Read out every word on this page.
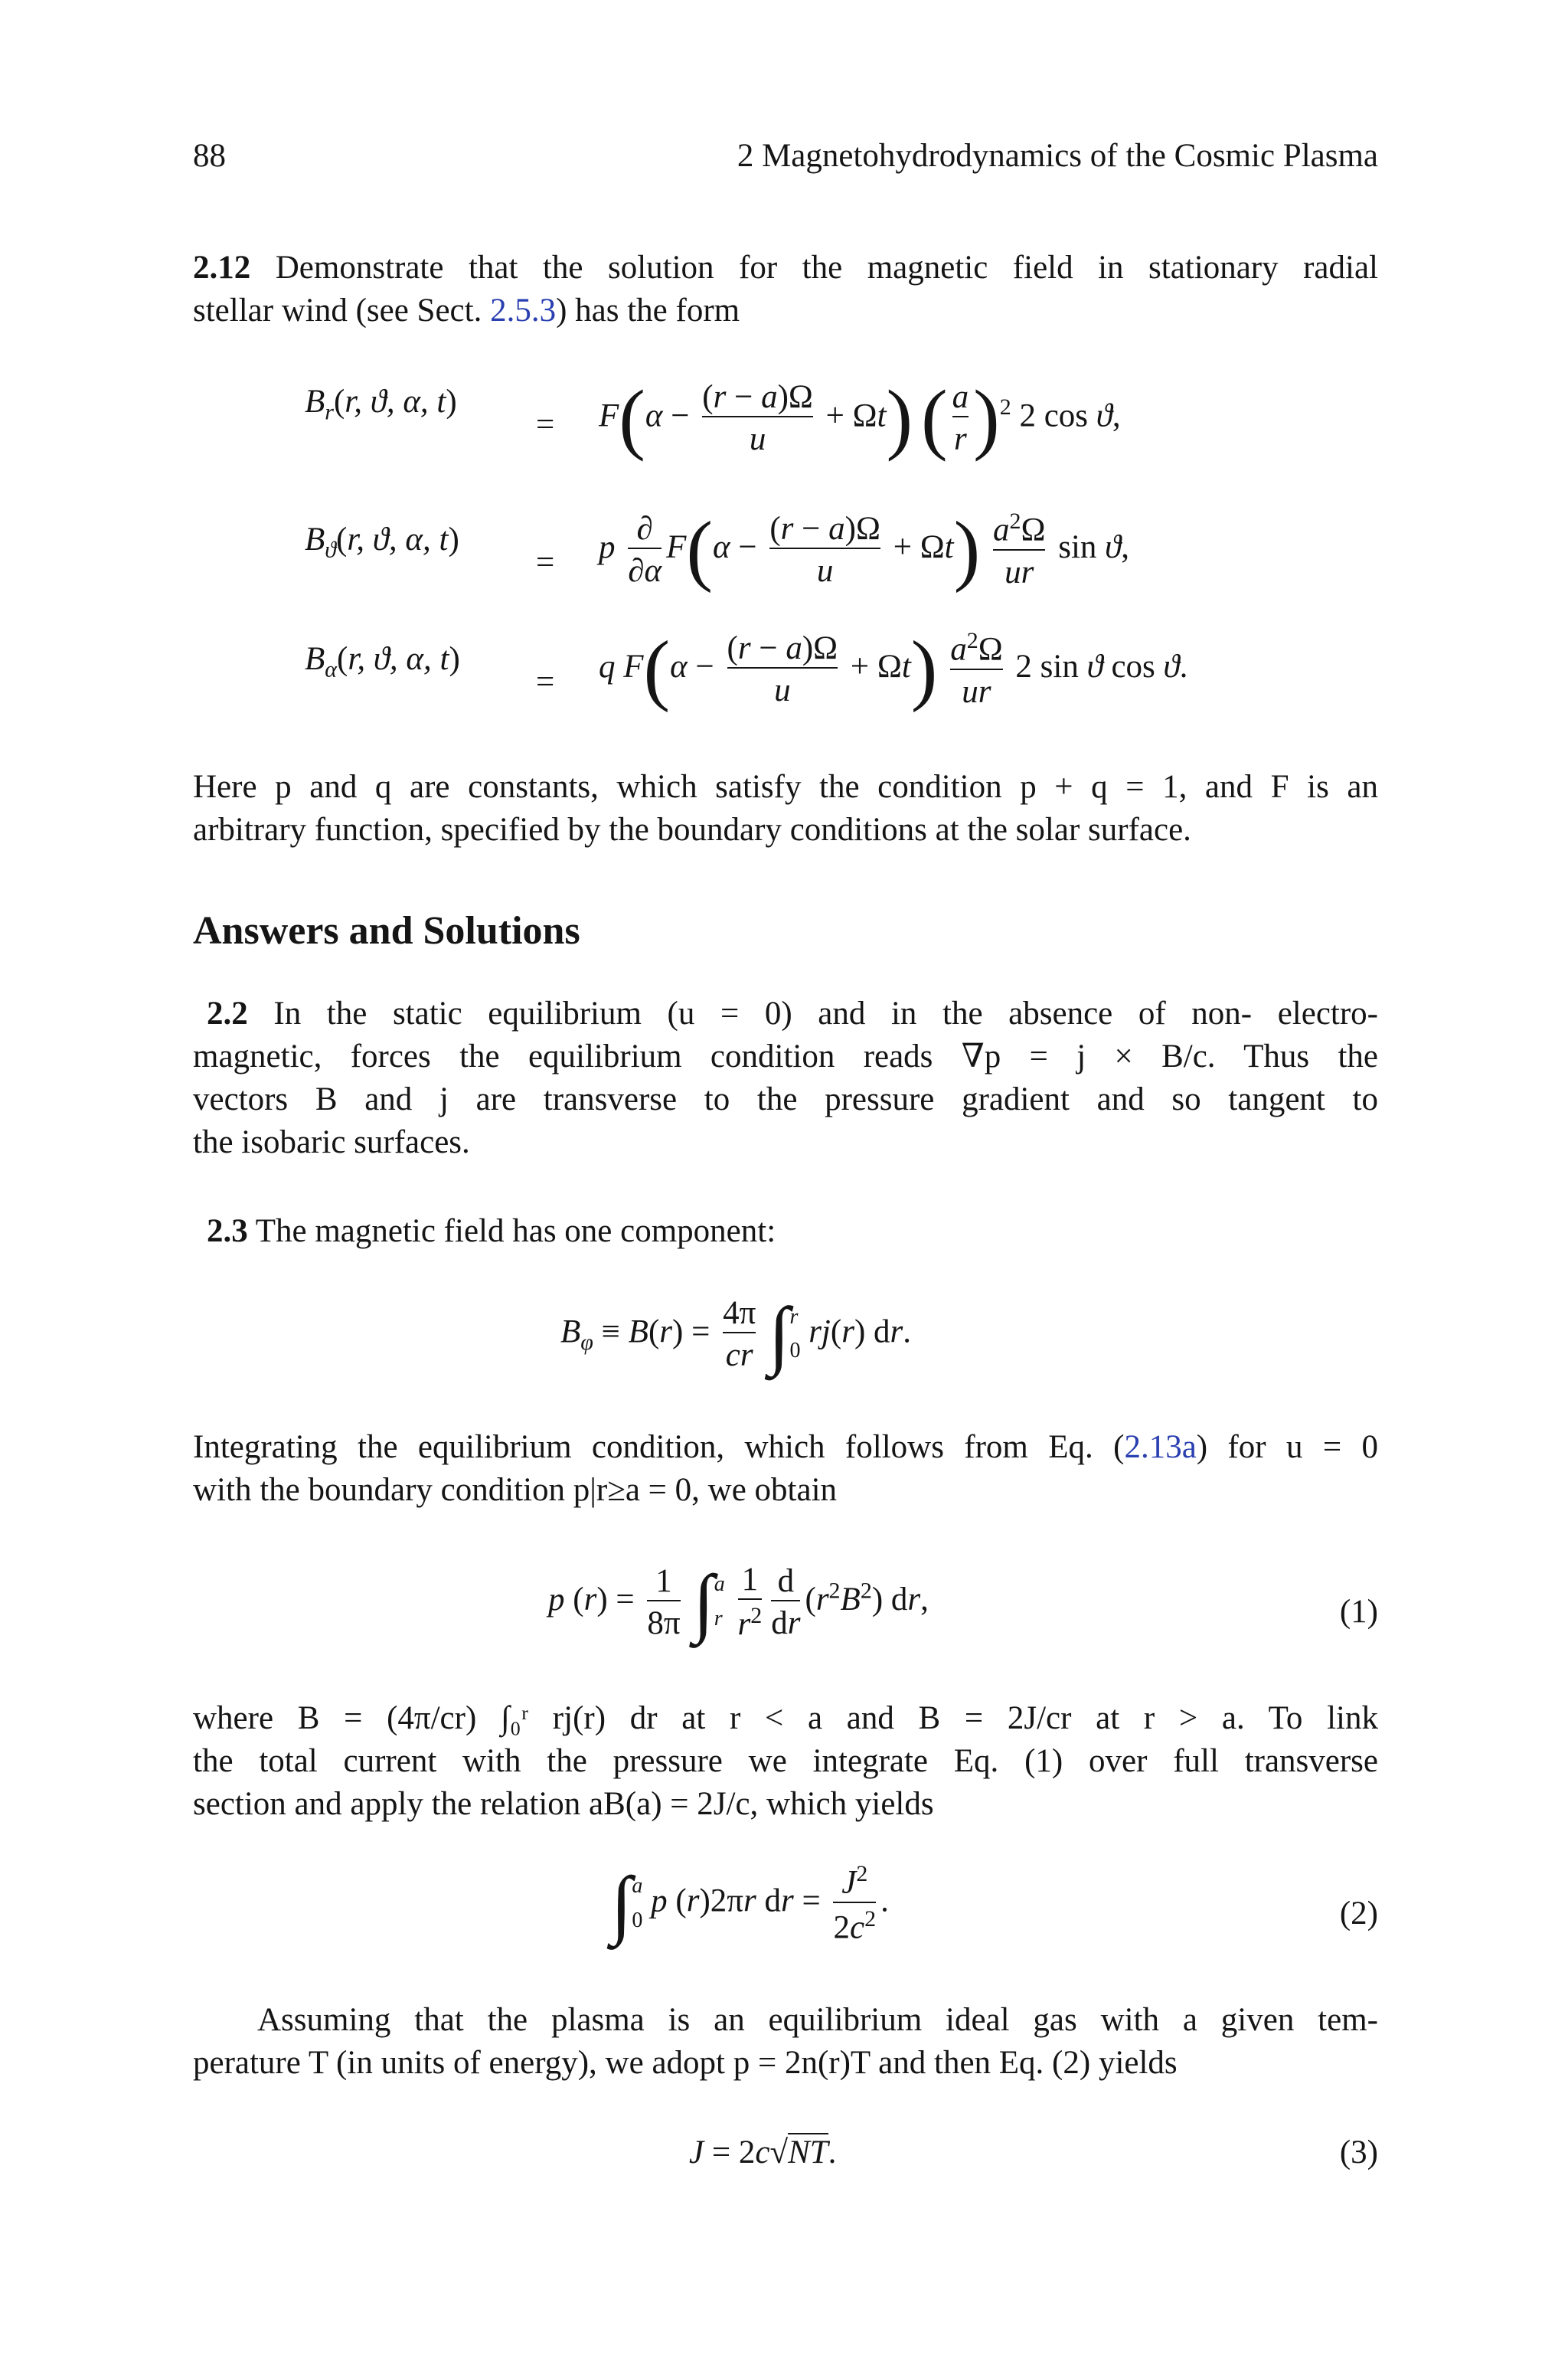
88	2 Magnetohydrodynamics of the Cosmic Plasma
2.12 Demonstrate that the solution for the magnetic field in stationary radial
stellar wind (see Sect. 2.5.3) has the form
$B_r(r$, ϑ, α, t)
= $F(\alpha - \frac{(r - a)\Omega}{u} + \Omega t)$ ( $\frac{a}{r} )^2$ 2 cos ϑ,
$B_ϑ(r$, ϑ, α, t)
= p $\frac{\partial}{\partial\alpha} F(\alpha - \frac{(r - a)\Omega}{u} + \Omega t) \frac{a^2\Omega}{ur}$ sin ϑ,
$B_\alpha(r$, ϑ, α, t)
= q $F(\alpha - \frac{(r - a)\Omega}{u} + \Omega t) \frac{a^2\Omega}{ur} 2$ sin ϑ cos ϑ.
Here p and q are constants, which satisfy the condition p + q = 1, and F is an
arbitrary function, specified by the boundary conditions at the solar surface.
Answers and Solutions
2.2 In the static equilibrium (u = 0) and in the absence of non- electro-
magnetic, forces the equilibrium condition reads ∇p = j × B/c. Thus the
vectors B and j are transverse to the pressure gradient and so tangent to
the isobaric surfaces.
2.3 The magnetic field has one component:
$B_\varphi \equiv B(r) = \frac{4\pi}{cr}$ ∫ r
0
rj(r) dr.
Integrating the equilibrium condition, which follows from Eq. (2.13a) for u = 0
with the boundary condition p|r≥a = 0, we obtain
p $(r) = \frac{1}{8\pi}$ ∫ a
r
$\frac{1}{r^2} \frac{d}{dr} (r^2B^2)$ dr,	(1)
where B = (4π/cr) ∫₀ʳ rj(r) dr at r < a and B = 2J/cr at r > a. To link
the total current with the pressure we integrate Eq. (1) over full transverse
section and apply the relation aB(a) = 2J/c, which yields
∫ a
0
p (r)2πr dr = $\frac{J^2}{2c^2}$ .	(2)
Assuming that the plasma is an equilibrium ideal gas with a given tem-
perature T (in units of energy), we adopt p = 2n(r)T and then Eq. (2) yields
J = 2c√NT.	(3)
